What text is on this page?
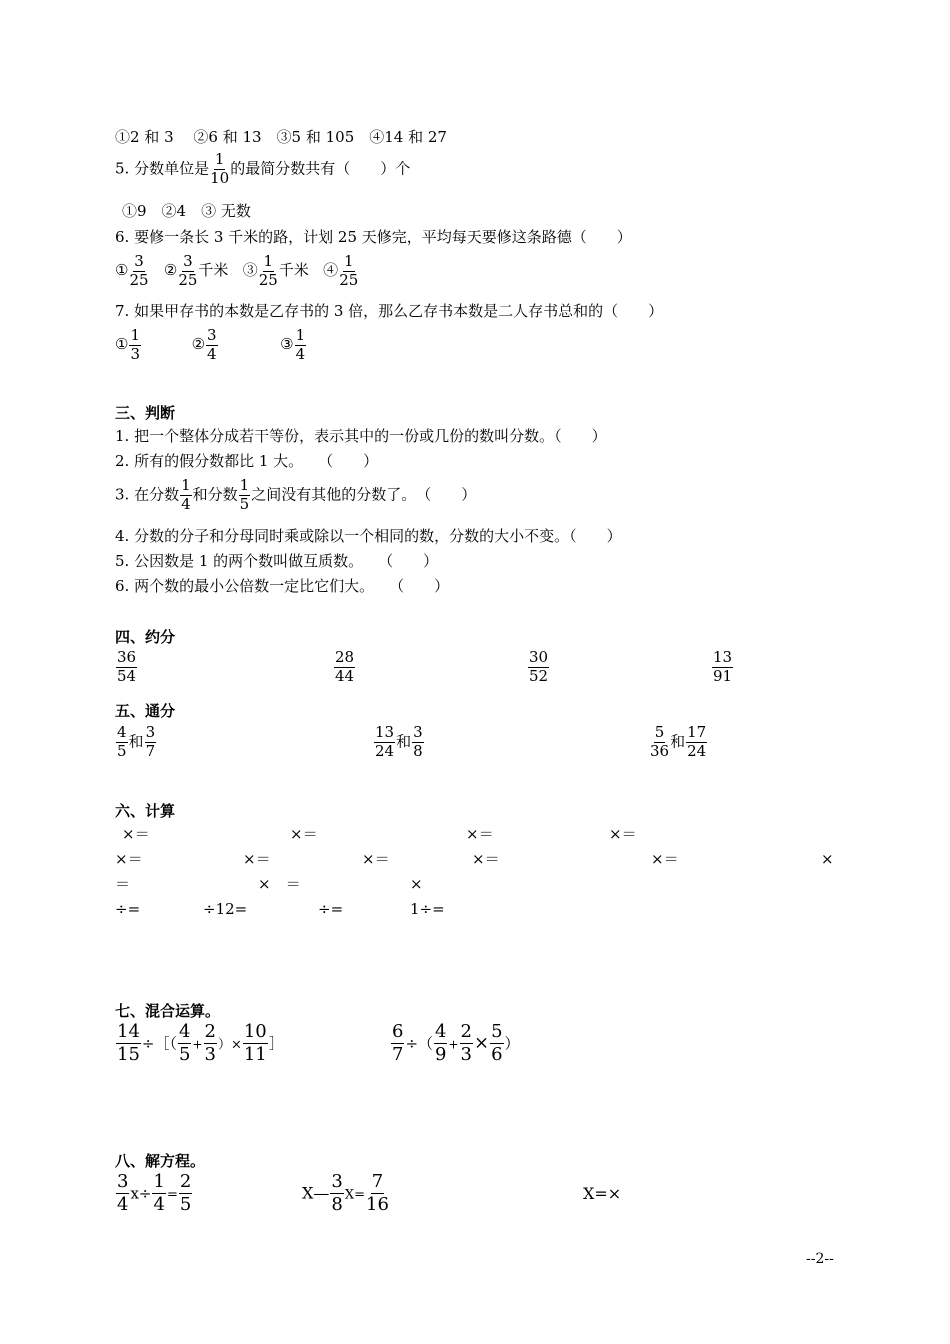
①2 和 3　 ②6 和 13　③5 和 105　④14 和 27
5. 分数单位是 $\frac{1}{10}$ 的最简分数共有（　　）个
①9　②4　③ 无数
6. 要修一条长 3 千米的路，计划 25 天修完，平均每天要修这条路德（　　）
① $\frac{3}{25}$ ② $\frac{3}{25}$ 千米 ③ $\frac{1}{25}$ 千米 ④ $\frac{1}{25}$
7. 如果甲存书的本数是乙存书的 3 倍，那么乙存书本数是二人存书总和的（　　）
① $\frac{1}{3}$	② $\frac{3}{4}$	③ $\frac{1}{4}$
三、判断
1. 把一个整体分成若干等份，表示其中的一份或几份的数叫分数。（　　）
2. 所有的假分数都比 1 大。　　（　　）
3. 在分数 $\frac{1}{4}$ 和分数 $\frac{1}{5}$ 之间没有其他的分数了。　（　　）
4. 分数的分子和分母同时乘或除以一个相同的数，分数的大小不变。（　　）
5. 公因数是 1 的两个数叫做互质数。　　（　　）
6. 两个数的最小公倍数一定比它们大。　　（　　）
四、约分
$\frac{36}{54}$	$\frac{28}{44}$	$\frac{30}{52}$	$\frac{13}{91}$
五、通分
$\frac{4}{5}$ 和 $\frac{3}{7}$	$\frac{13}{24}$ 和 $\frac{3}{8}$	$\frac{5}{36}$ 和 $\frac{17}{24}$
六、计算
×＝	×＝	×＝	×＝
×＝	×＝	×＝	×＝	×＝	×
＝	×　＝	×
÷=	÷12=	÷=	1÷=
七、混合运算。
$\frac{14}{15}$ ÷［（ $\frac{4}{5} + \frac{2}{3}$ ）× $\frac{10}{11}$ ］	$\frac{6}{7}$ ÷（ $\frac{4}{9} + \frac{2}{3} \times \frac{5}{6}$ ）
八、解方程。
$\frac{3}{4} x\div \frac{1}{4} = \frac{2}{5}$	X— $\frac{3}{8} X= \frac{7}{16}$	X=×
--2--
